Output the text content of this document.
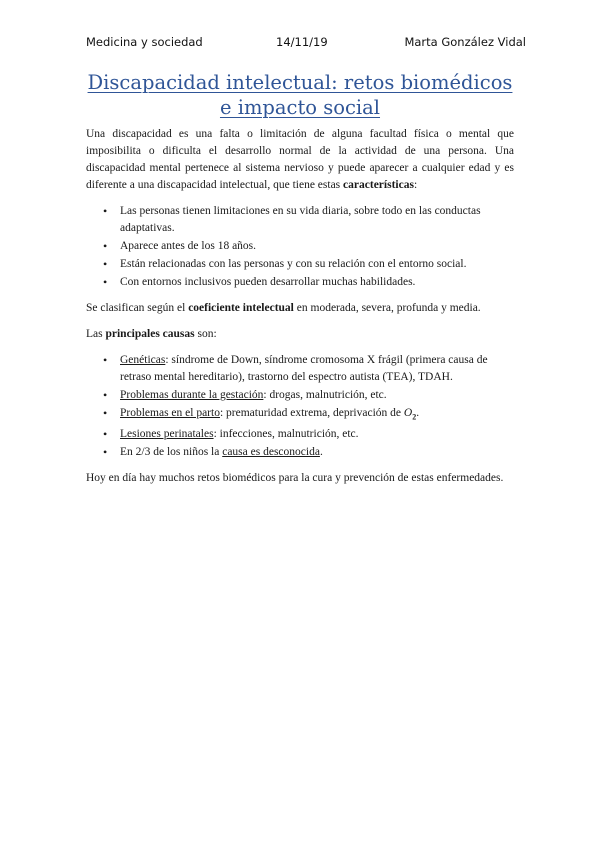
Medicina y sociedad	14/11/19	Marta González Vidal
Discapacidad intelectual: retos biomédicos e impacto social

Una discapacidad es una falta o limitación de alguna facultad física o mental que imposibilita o dificulta el desarrollo normal de la actividad de una persona. Una discapacidad mental pertenece al sistema nervioso y puede aparecer a cualquier edad y es diferente a una discapacidad intelectual, que tiene estas características:

• Las personas tienen limitaciones en su vida diaria, sobre todo en las conductas adaptativas.
• Aparece antes de los 18 años.
• Están relacionadas con las personas y con su relación con el entorno social.
• Con entornos inclusivos pueden desarrollar muchas habilidades.

Se clasifican según el coeficiente intelectual en moderada, severa, profunda y media.

Las principales causas son:

• Genéticas: síndrome de Down, síndrome cromosoma X frágil (primera causa de retraso mental hereditario), trastorno del espectro autista (TEA), TDAH.
• Problemas durante la gestación: drogas, malnutrición, etc.
• Problemas en el parto: prematuridad extrema, deprivación de $O_2$.
• Lesiones perinatales: infecciones, malnutrición, etc.
• En 2/3 de los niños la causa es desconocida.

Hoy en día hay muchos retos biomédicos para la cura y prevención de estas enfermedades.
